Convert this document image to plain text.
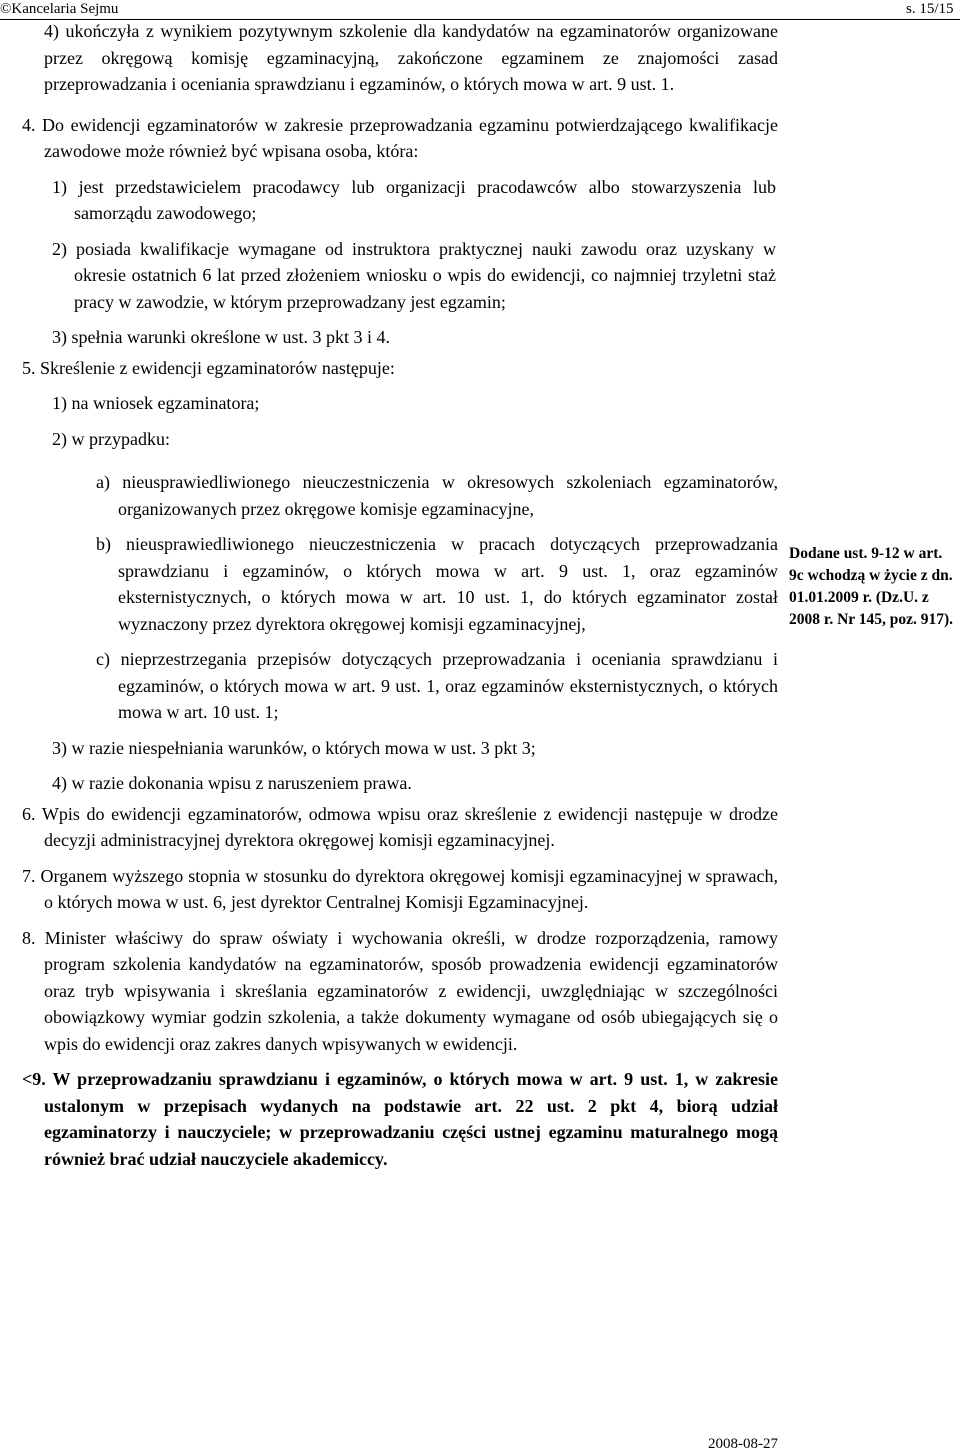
©Kancelaria Sejmu	s. 15/15
4) ukończyła z wynikiem pozytywnym szkolenie dla kandydatów na egzaminatorów organizowane przez okręgową komisję egzaminacyjną, zakończone egzaminem ze znajomości zasad przeprowadzania i oceniania sprawdzianu i egzaminów, o których mowa w art. 9 ust. 1.
4. Do ewidencji egzaminatorów w zakresie przeprowadzania egzaminu potwierdzającego kwalifikacje zawodowe może również być wpisana osoba, która:
1) jest przedstawicielem pracodawcy lub organizacji pracodawców albo stowarzyszenia lub samorządu zawodowego;
2) posiada kwalifikacje wymagane od instruktora praktycznej nauki zawodu oraz uzyskany w okresie ostatnich 6 lat przed złożeniem wniosku o wpis do ewidencji, co najmniej trzyletni staż pracy w zawodzie, w którym przeprowadzany jest egzamin;
3) spełnia warunki określone w ust. 3 pkt 3 i 4.
5. Skreślenie z ewidencji egzaminatorów następuje:
1) na wniosek egzaminatora;
2) w przypadku:
a) nieusprawiedliwionego nieuczestniczenia w okresowych szkoleniach egzaminatorów, organizowanych przez okręgowe komisje egzaminacyjne,
b) nieusprawiedliwionego nieuczestniczenia w pracach dotyczących przeprowadzania sprawdzianu i egzaminów, o których mowa w art. 9 ust. 1, oraz egzaminów eksternistycznych, o których mowa w art. 10 ust. 1, do których egzaminator został wyznaczony przez dyrektora okręgowej komisji egzaminacyjnej,
c) nieprzestrzegania przepisów dotyczących przeprowadzania i oceniania sprawdzianu i egzaminów, o których mowa w art. 9 ust. 1, oraz egzaminów eksternistycznych, o których mowa w art. 10 ust. 1;
3) w razie niespełniania warunków, o których mowa w ust. 3 pkt 3;
4) w razie dokonania wpisu z naruszeniem prawa.
6. Wpis do ewidencji egzaminatorów, odmowa wpisu oraz skreślenie z ewidencji następuje w drodze decyzji administracyjnej dyrektora okręgowej komisji egzaminacyjnej.
7. Organem wyższego stopnia w stosunku do dyrektora okręgowej komisji egzaminacyjnej w sprawach, o których mowa w ust. 6, jest dyrektor Centralnej Komisji Egzaminacyjnej.
8. Minister właściwy do spraw oświaty i wychowania określi, w drodze rozporządzenia, ramowy program szkolenia kandydatów na egzaminatorów, sposób prowadzenia ewidencji egzaminatorów oraz tryb wpisywania i skreślania egzaminatorów z ewidencji, uwzględniając w szczególności obowiązkowy wymiar godzin szkolenia, a także dokumenty wymagane od osób ubiegających się o wpis do ewidencji oraz zakres danych wpisywanych w ewidencji.
<9. W przeprowadzaniu sprawdzianu i egzaminów, o których mowa w art. 9 ust. 1, w zakresie ustalonym w przepisach wydanych na podstawie art. 22 ust. 2 pkt 4, biorą udział egzaminatorzy i nauczyciele; w przeprowadzaniu części ustnej egzaminu maturalnego mogą również brać udział nauczyciele akademiccy.
Dodane ust. 9-12 w art. 9c wchodzą w życie z dn. 01.01.2009 r. (Dz.U. z 2008 r. Nr 145, poz. 917).
2008-08-27
